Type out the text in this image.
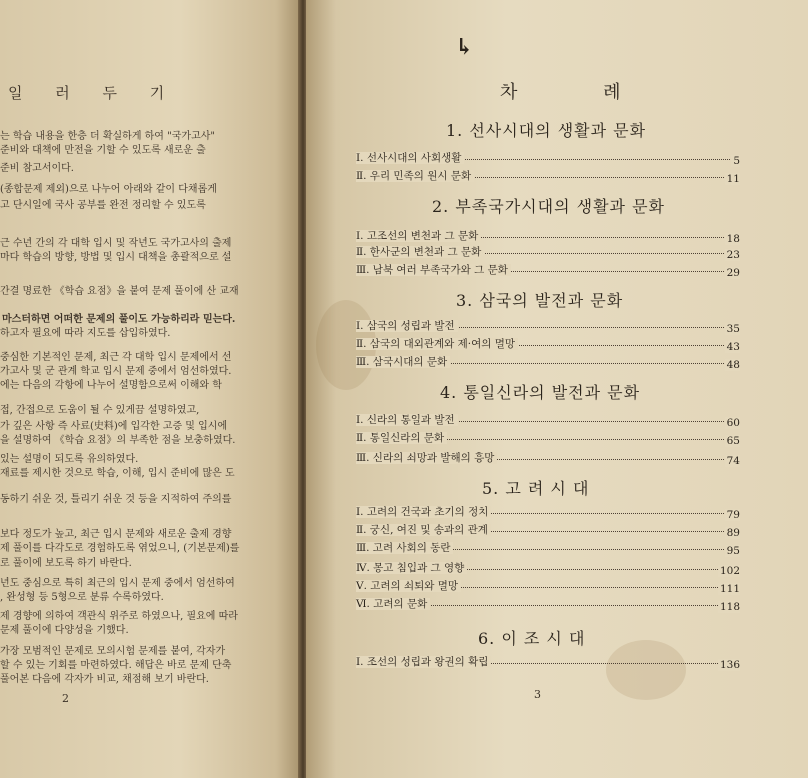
일 러 두 기
는 학습 내용을 한층 더 확실하게 하여 "국가고사"
준비와 대책에 만전을 기할 수 있도록 새로운 출
준비 참고서이다.
(종합문제 제외)으로 나누어 아래와 같이 다채롭게
고 단시일에 국사 공부를 완전 정리할 수 있도록
근 수년 간의 각 대학 입시 및 작년도 국가고사의 출제
마다 학습의 방향, 방법 및 입시 대책을 총괄적으로 설
간결 명료한 《학습 요점》을 붙여 문제 풀이에 산 교재
마스터하면 어떠한 문제의 풀이도 가능하리라 믿는다.
하고자 필요에 따라 지도를 삽입하였다.
중심한 기본적인 문제, 최근 각 대학 입시 문제에서 선
가고사 및 군 관계 학교 입시 문제 중에서 엄선하였다.
에는 다음의 각항에 나누어 설명함으로써 이해와 학
접, 간접으로 도움이 될 수 있게끔 설명하였고,
가 깊은 사항 즉 사료(史料)에 입각한 고증 및 입시에
을 설명하여 《학습 요점》의 부족한 점을 보충하였다.
있는 설명이 되도록 유의하였다.
재료를 제시한 것으로 학습, 이해, 입시 준비에 많은 도
동하기 쉬운 것, 틀리기 쉬운 것 등을 지적하여 주의를
보다 정도가 높고, 최근 입시 문제와 새로운 출제 경향
제 풀이를 다각도로 경험하도록 엮었으니, (기본문제)를
로 풀이에 보도록 하기 바란다.
년도 중심으로 특히 최근의 입시 문제 중에서 엄선하여
, 완성형 등 5형으로 분류 수록하였다.
제 경향에 의하여 객관식 위주로 하였으나, 필요에 따라
문제 풀이에 다양성을 기했다.
가장 모범적인 문제로 모의시험 문제를 붙여, 각자가
할 수 있는 기회를 마련하였다. 해답은 바로 문제 단축
풀어본 다음에 각자가 비교, 채점해 보기 바란다.
2
↳
차 례
1. 선사시대의 생활과 문화
Ⅰ. 선사시대의 사회생활	5
Ⅱ. 우리 민족의 원시 문화	11
2. 부족국가시대의 생활과 문화
Ⅰ. 고조선의 변천과 그 문화	18
Ⅱ. 한사군의 변천과 그 문화	23
Ⅲ. 남북 여러 부족국가와 그 문화	29
3. 삼국의 발전과 문화
Ⅰ. 삼국의 성립과 발전	35
Ⅱ. 삼국의 대외관계와 제·여의 멸망	43
Ⅲ. 삼국시대의 문화	48
4. 통일신라의 발전과 문화
Ⅰ. 신라의 통일과 발전	60
Ⅱ. 통일신라의 문화	65
Ⅲ. 신라의 쇠망과 발해의 흥망	74
5. 고 려 시 대
Ⅰ. 고려의 건국과 초기의 정치	79
Ⅱ. 궁신, 여진 및 송과의 관계	89
Ⅲ. 고려 사회의 동란	95
Ⅳ. 몽고 침입과 그 영향	102
Ⅴ. 고려의 쇠퇴와 멸망	111
Ⅵ. 고려의 문화	118
6. 이 조 시 대
Ⅰ. 조선의 성립과 왕권의 확립	136
3
